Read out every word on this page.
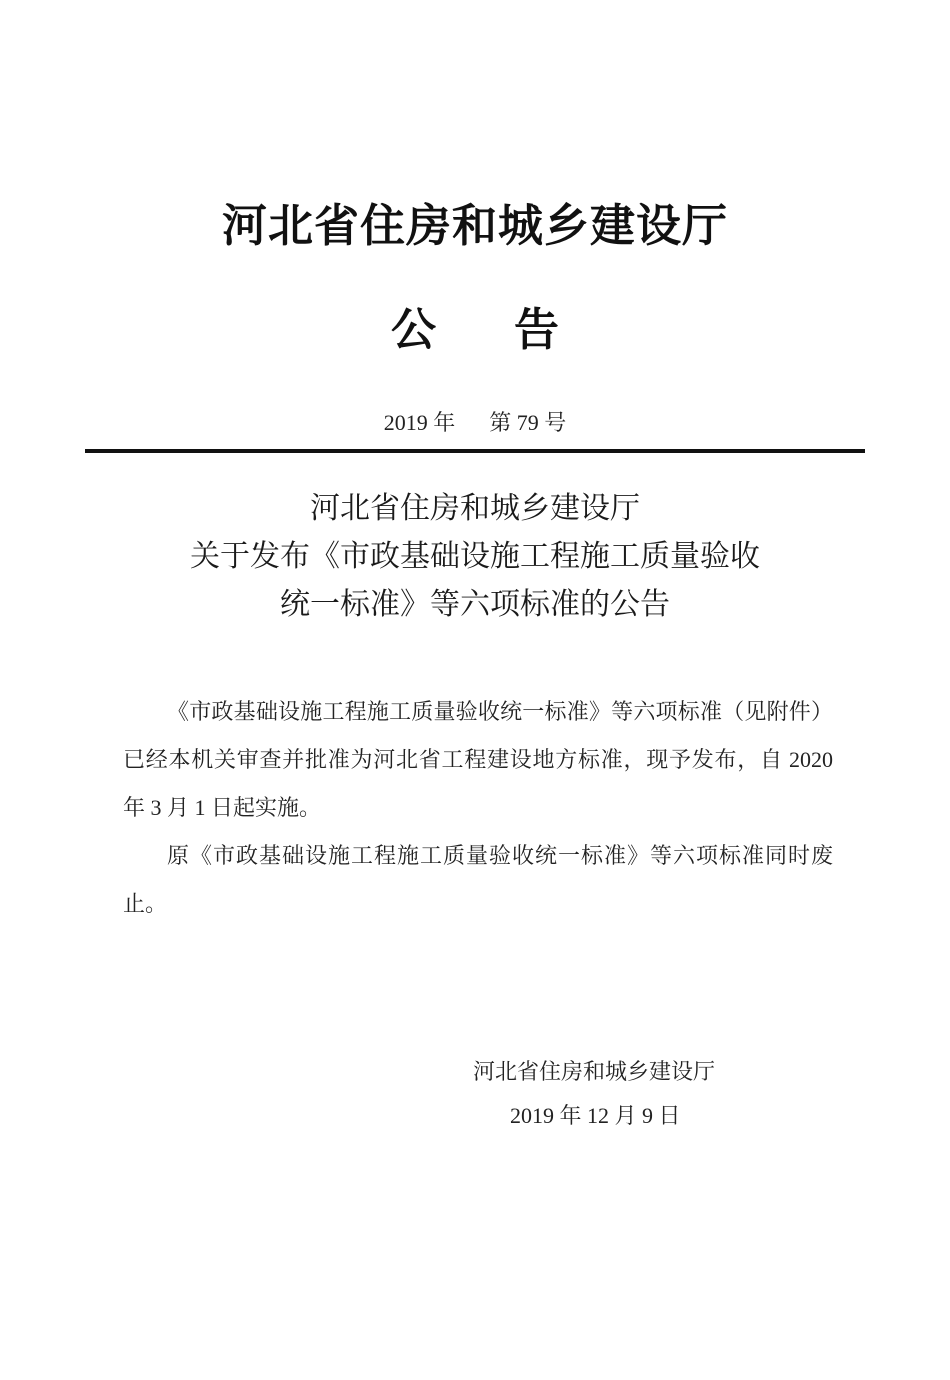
河北省住房和城乡建设厅
公 告
2019 年 第 79 号
河北省住房和城乡建设厅
关于发布《市政基础设施工程施工质量验收
统一标准》等六项标准的公告

《市政基础设施工程施工质量验收统一标准》等六项标准（见附件）已经本机关审查并批准为河北省工程建设地方标准，现予发布，自 2020 年 3 月 1 日起实施。

原《市政基础设施工程施工质量验收统一标准》等六项标准同时废止。

河北省住房和城乡建设厅
2019 年 12 月 9 日
